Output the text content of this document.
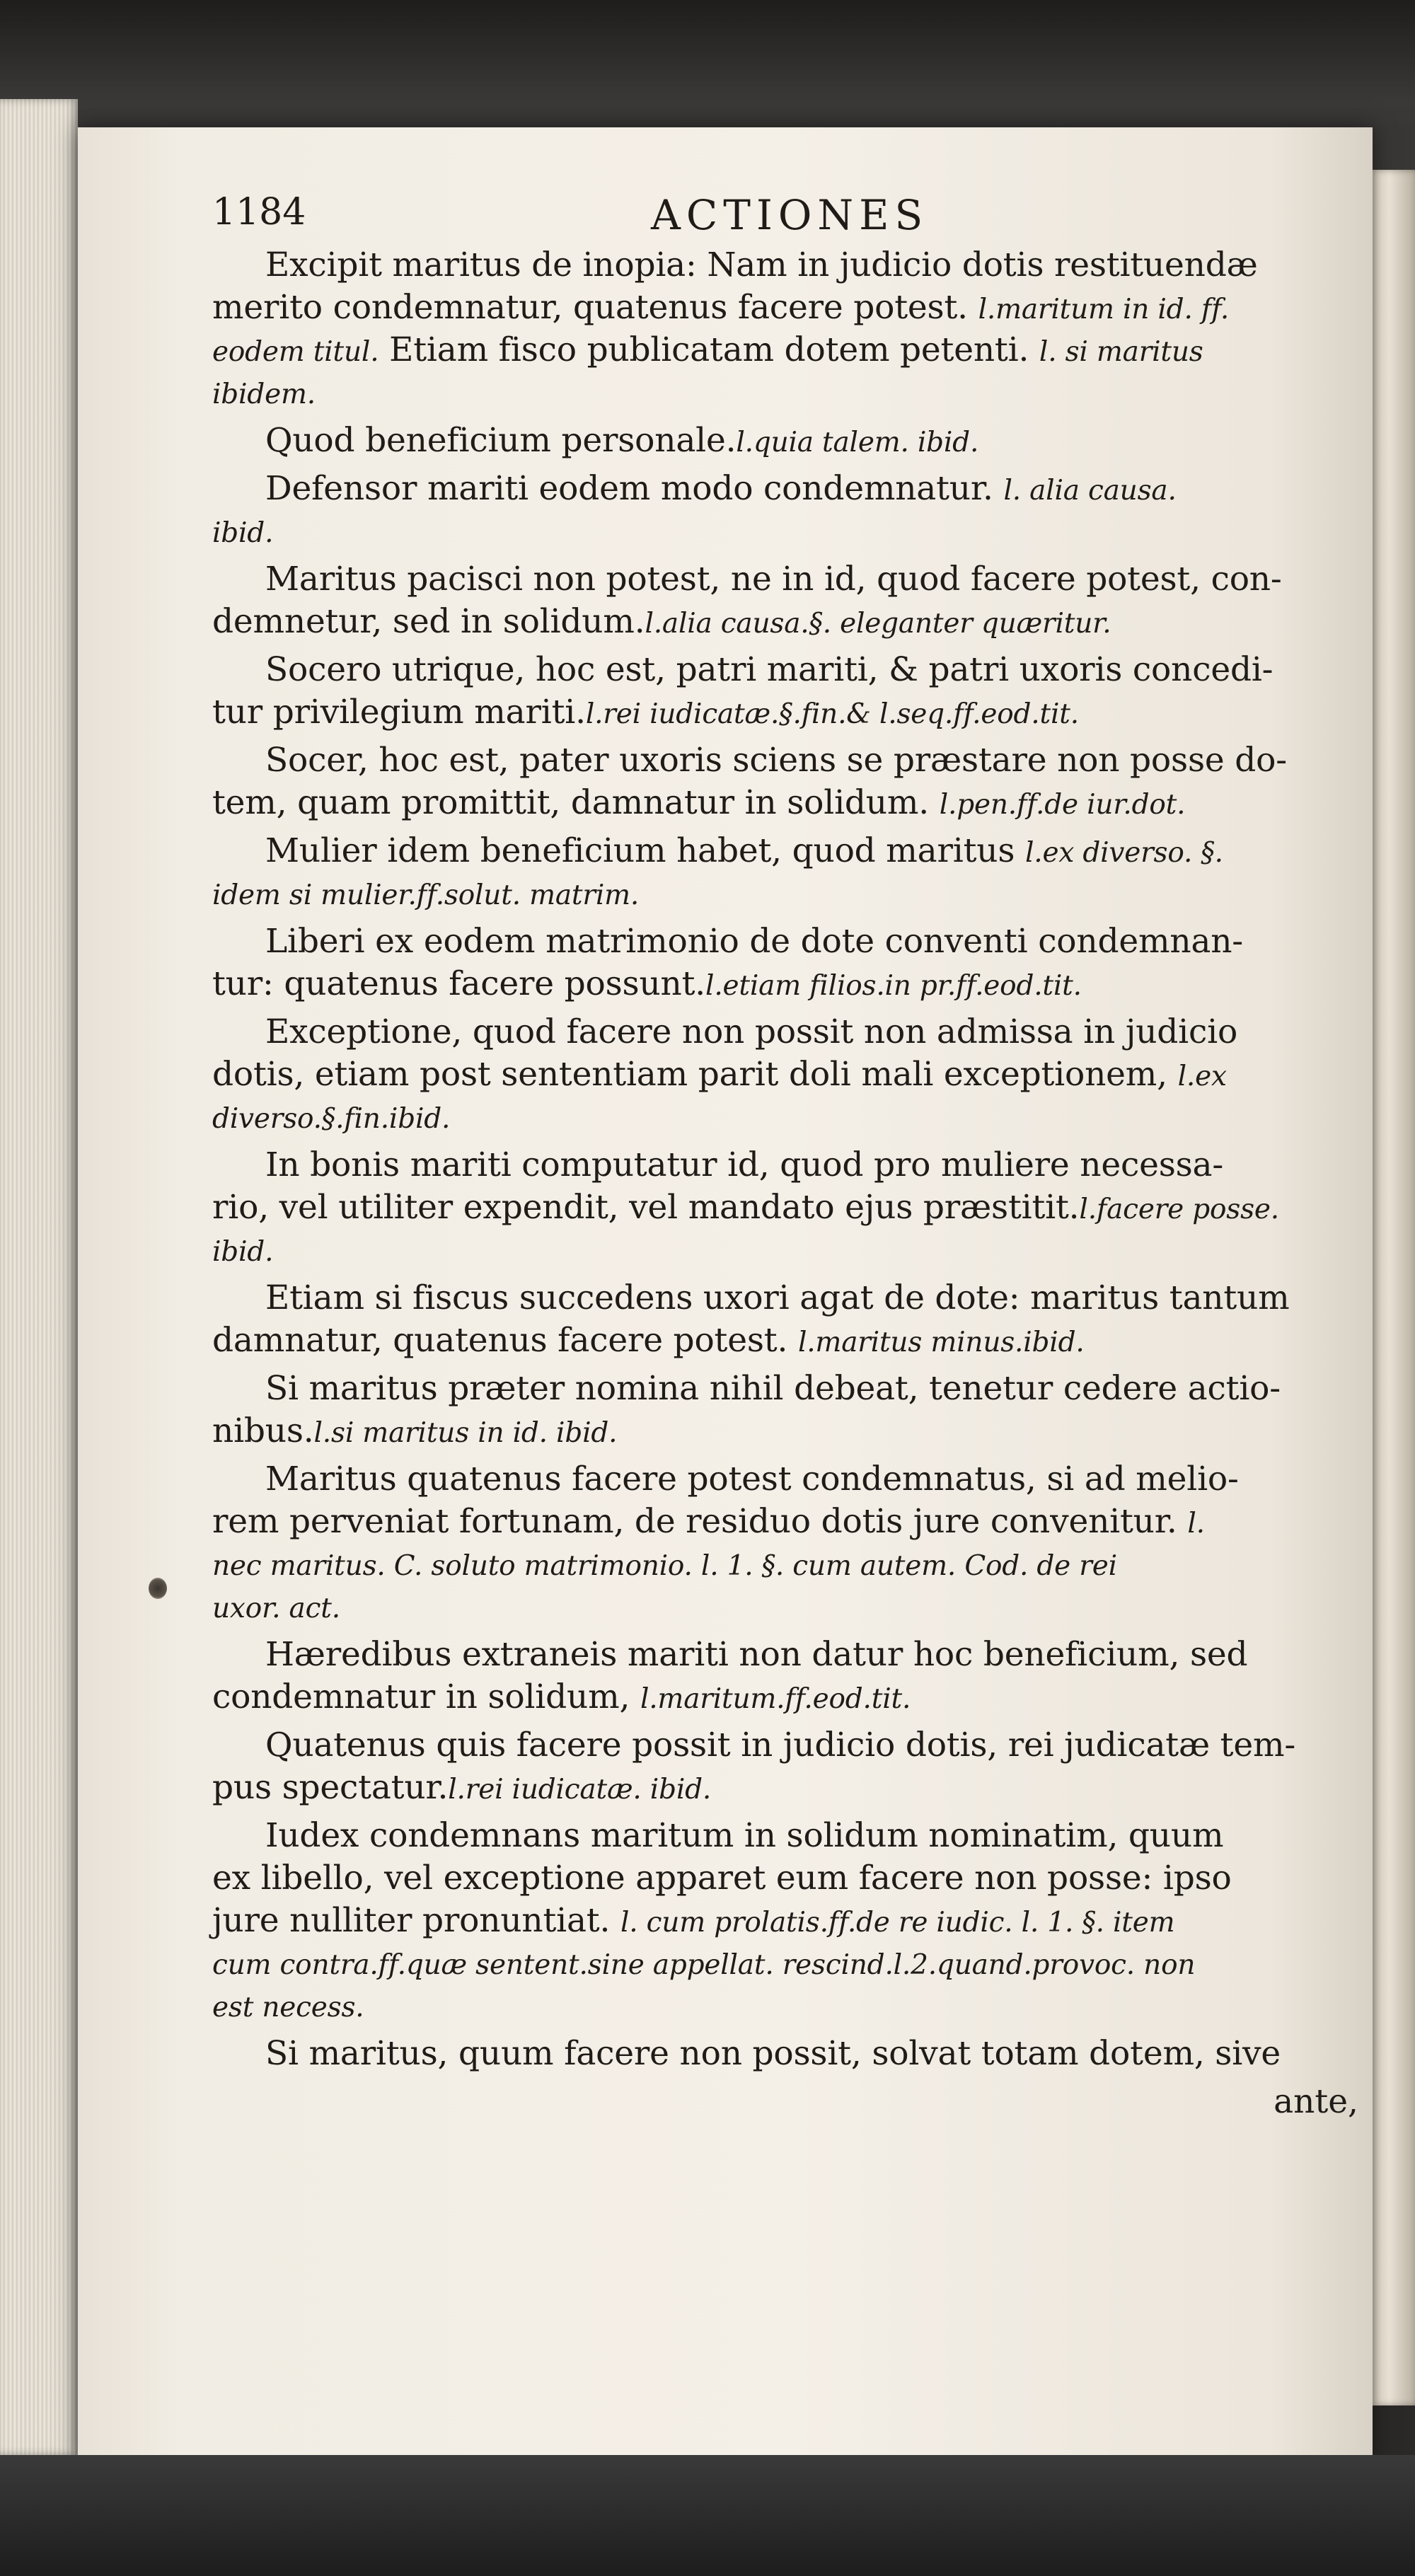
1184	ACTIONES
Excipit maritus de inopia: Nam in judicio dotis restituendæ
merito condemnatur, quatenus facere potest. l.maritum in id. ff.
eodem titul. Etiam fisco publicatam dotem petenti. l. si maritus
ibidem.
Quod beneficium personale.l.quia talem. ibid.
Defensor mariti eodem modo condemnatur. l. alia causa.
ibid.
Maritus pacisci non potest, ne in id, quod facere potest, con-
demnetur, sed in solidum.l.alia causa.§. eleganter quæritur.
Socero utrique, hoc est, patri mariti, & patri uxoris concedi-
tur privilegium mariti.l.rei iudicatæ.§.fin.& l.seq.ff.eod.tit.
Socer, hoc est, pater uxoris sciens se præstare non posse do-
tem, quam promittit, damnatur in solidum. l.pen.ff.de iur.dot.
Mulier idem beneficium habet, quod maritus l.ex diverso. §.
idem si mulier.ff.solut. matrim.
Liberi ex eodem matrimonio de dote conventi condemnan-
tur: quatenus facere possunt.l.etiam filios.in pr.ff.eod.tit.
Exceptione, quod facere non possit non admissa in judicio
dotis, etiam post sententiam parit doli mali exceptionem, l.ex
diverso.§.fin.ibid.
In bonis mariti computatur id, quod pro muliere necessa-
rio, vel utiliter expendit, vel mandato ejus præstitit.l.facere posse.
ibid.
Etiam si fiscus succedens uxori agat de dote: maritus tantum
damnatur, quatenus facere potest. l.maritus minus.ibid.
Si maritus præter nomina nihil debeat, tenetur cedere actio-
nibus.l.si maritus in id. ibid.
Maritus quatenus facere potest condemnatus, si ad melio-
rem perveniat fortunam, de residuo dotis jure convenitur. l.
nec maritus. C. soluto matrimonio. l. 1. §. cum autem. Cod. de rei
uxor. act.
Hæredibus extraneis mariti non datur hoc beneficium, sed
condemnatur in solidum, l.maritum.ff.eod.tit.
Quatenus quis facere possit in judicio dotis, rei judicatæ tem-
pus spectatur.l.rei iudicatæ. ibid.
Iudex condemnans maritum in solidum nominatim, quum
ex libello, vel exceptione apparet eum facere non posse: ipso
jure nulliter pronuntiat. l. cum prolatis.ff.de re iudic. l. 1. §. item
cum contra.ff.quæ sentent.sine appellat. rescind.l.2.quand.provoc. non
est necess.
Si maritus, quum facere non possit, solvat totam dotem, sive
ante,
